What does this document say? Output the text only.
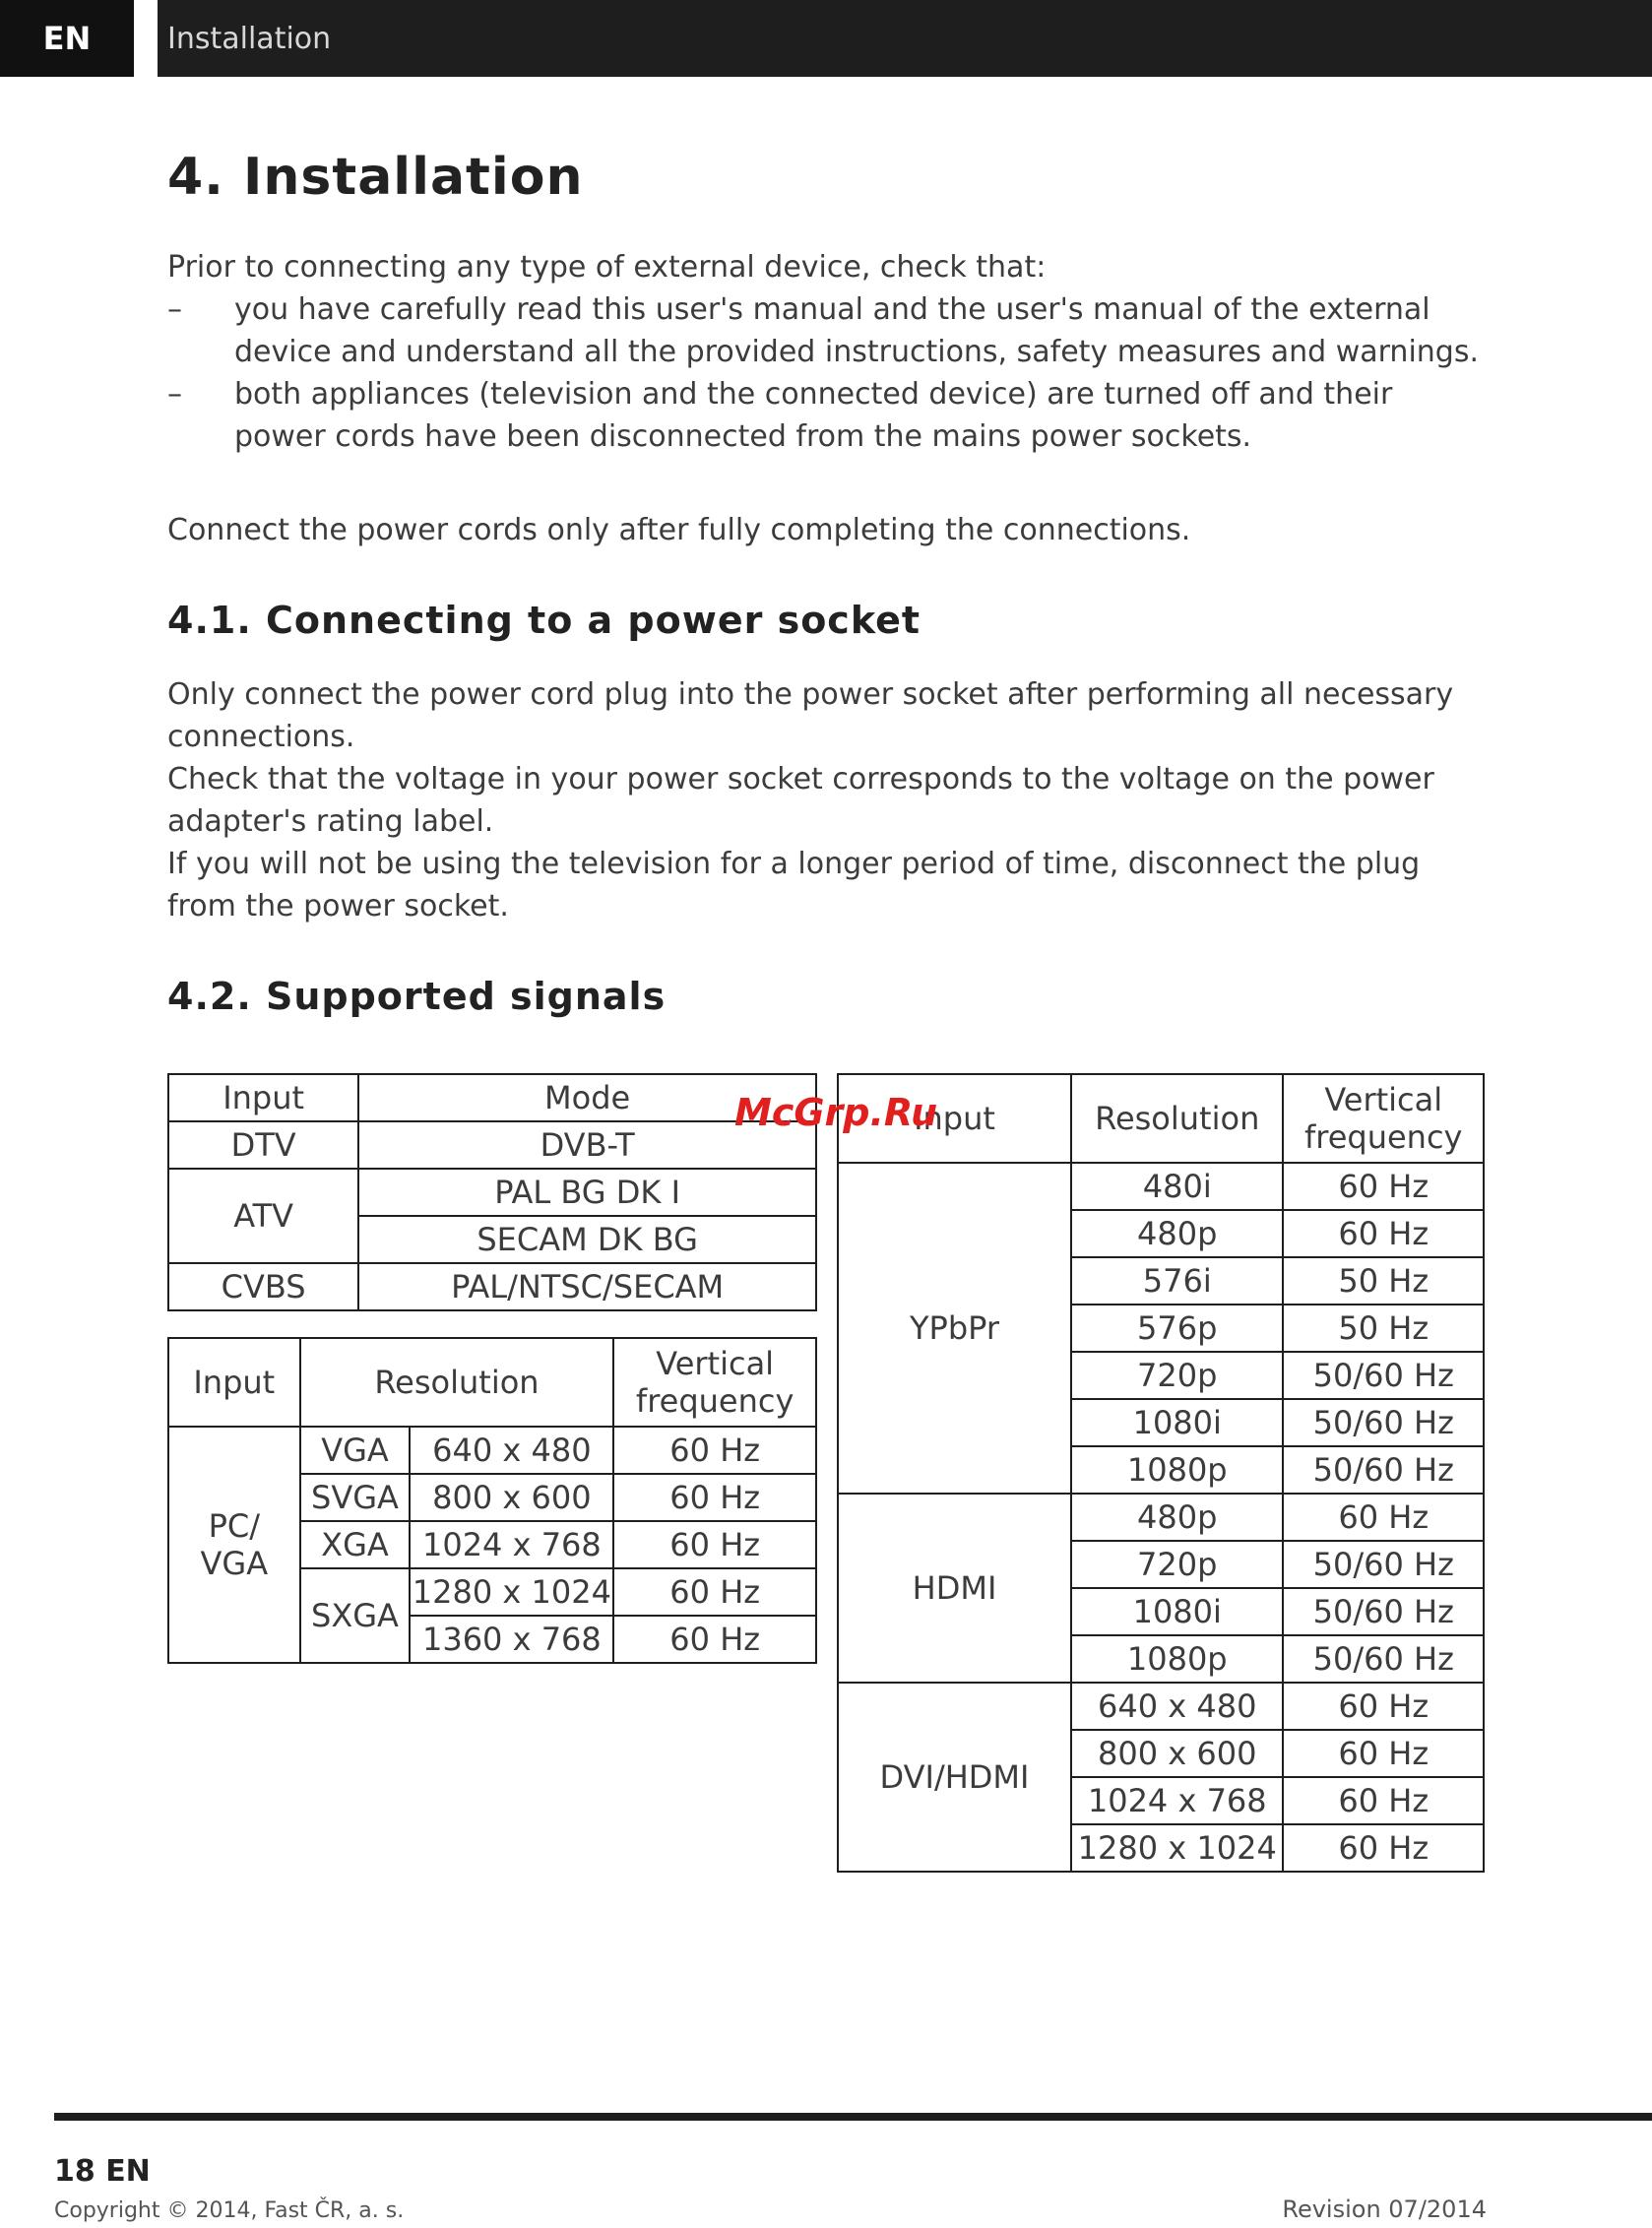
EN	Installation
4. Installation

Prior to connecting any type of external device, check that:

– you have carefully read this user's manual and the user's manual of the external device and understand all the provided instructions, safety measures and warnings.
– both appliances (television and the connected device) are turned off and their power cords have been disconnected from the mains power sockets.

Connect the power cords only after fully completing the connections.

4.1. Connecting to a power socket

Only connect the power cord plug into the power socket after performing all necessary connections.

Check that the voltage in your power socket corresponds to the voltage on the power adapter's rating label.

If you will not be using the television for a longer period of time, disconnect the plug from the power socket.

4.2. Supported signals
Input	Mode
DTV	DVB-T
ATV	PAL BG DK I
	SECAM DK BG
CVBS	PAL/NTSC/SECAM
Input	Resolution		Vertical frequency
PC/
VGA	VGA	640 x 480	60 Hz
	SVGA	800 x 600	60 Hz
	XGA	1024 x 768	60 Hz
	SXGA	1280 x 1024	60 Hz
		1360 x 768	60 Hz
Input	Resolution	Vertical frequency
YPbPr	480i	60 Hz
	480p	60 Hz
	576i	50 Hz
	576p	50 Hz
	720p	50/60 Hz
	1080i	50/60 Hz
	1080p	50/60 Hz
HDMI	480p	60 Hz
	720p	50/60 Hz
	1080i	50/60 Hz
	1080p	50/60 Hz
DVI/HDMI	640 x 480	60 Hz
	800 x 600	60 Hz
	1024 x 768	60 Hz
	1280 x 1024	60 Hz
McGrp.Ru
18 EN
Copyright © 2014, Fast ČR, a. s.	Revision 07/2014
